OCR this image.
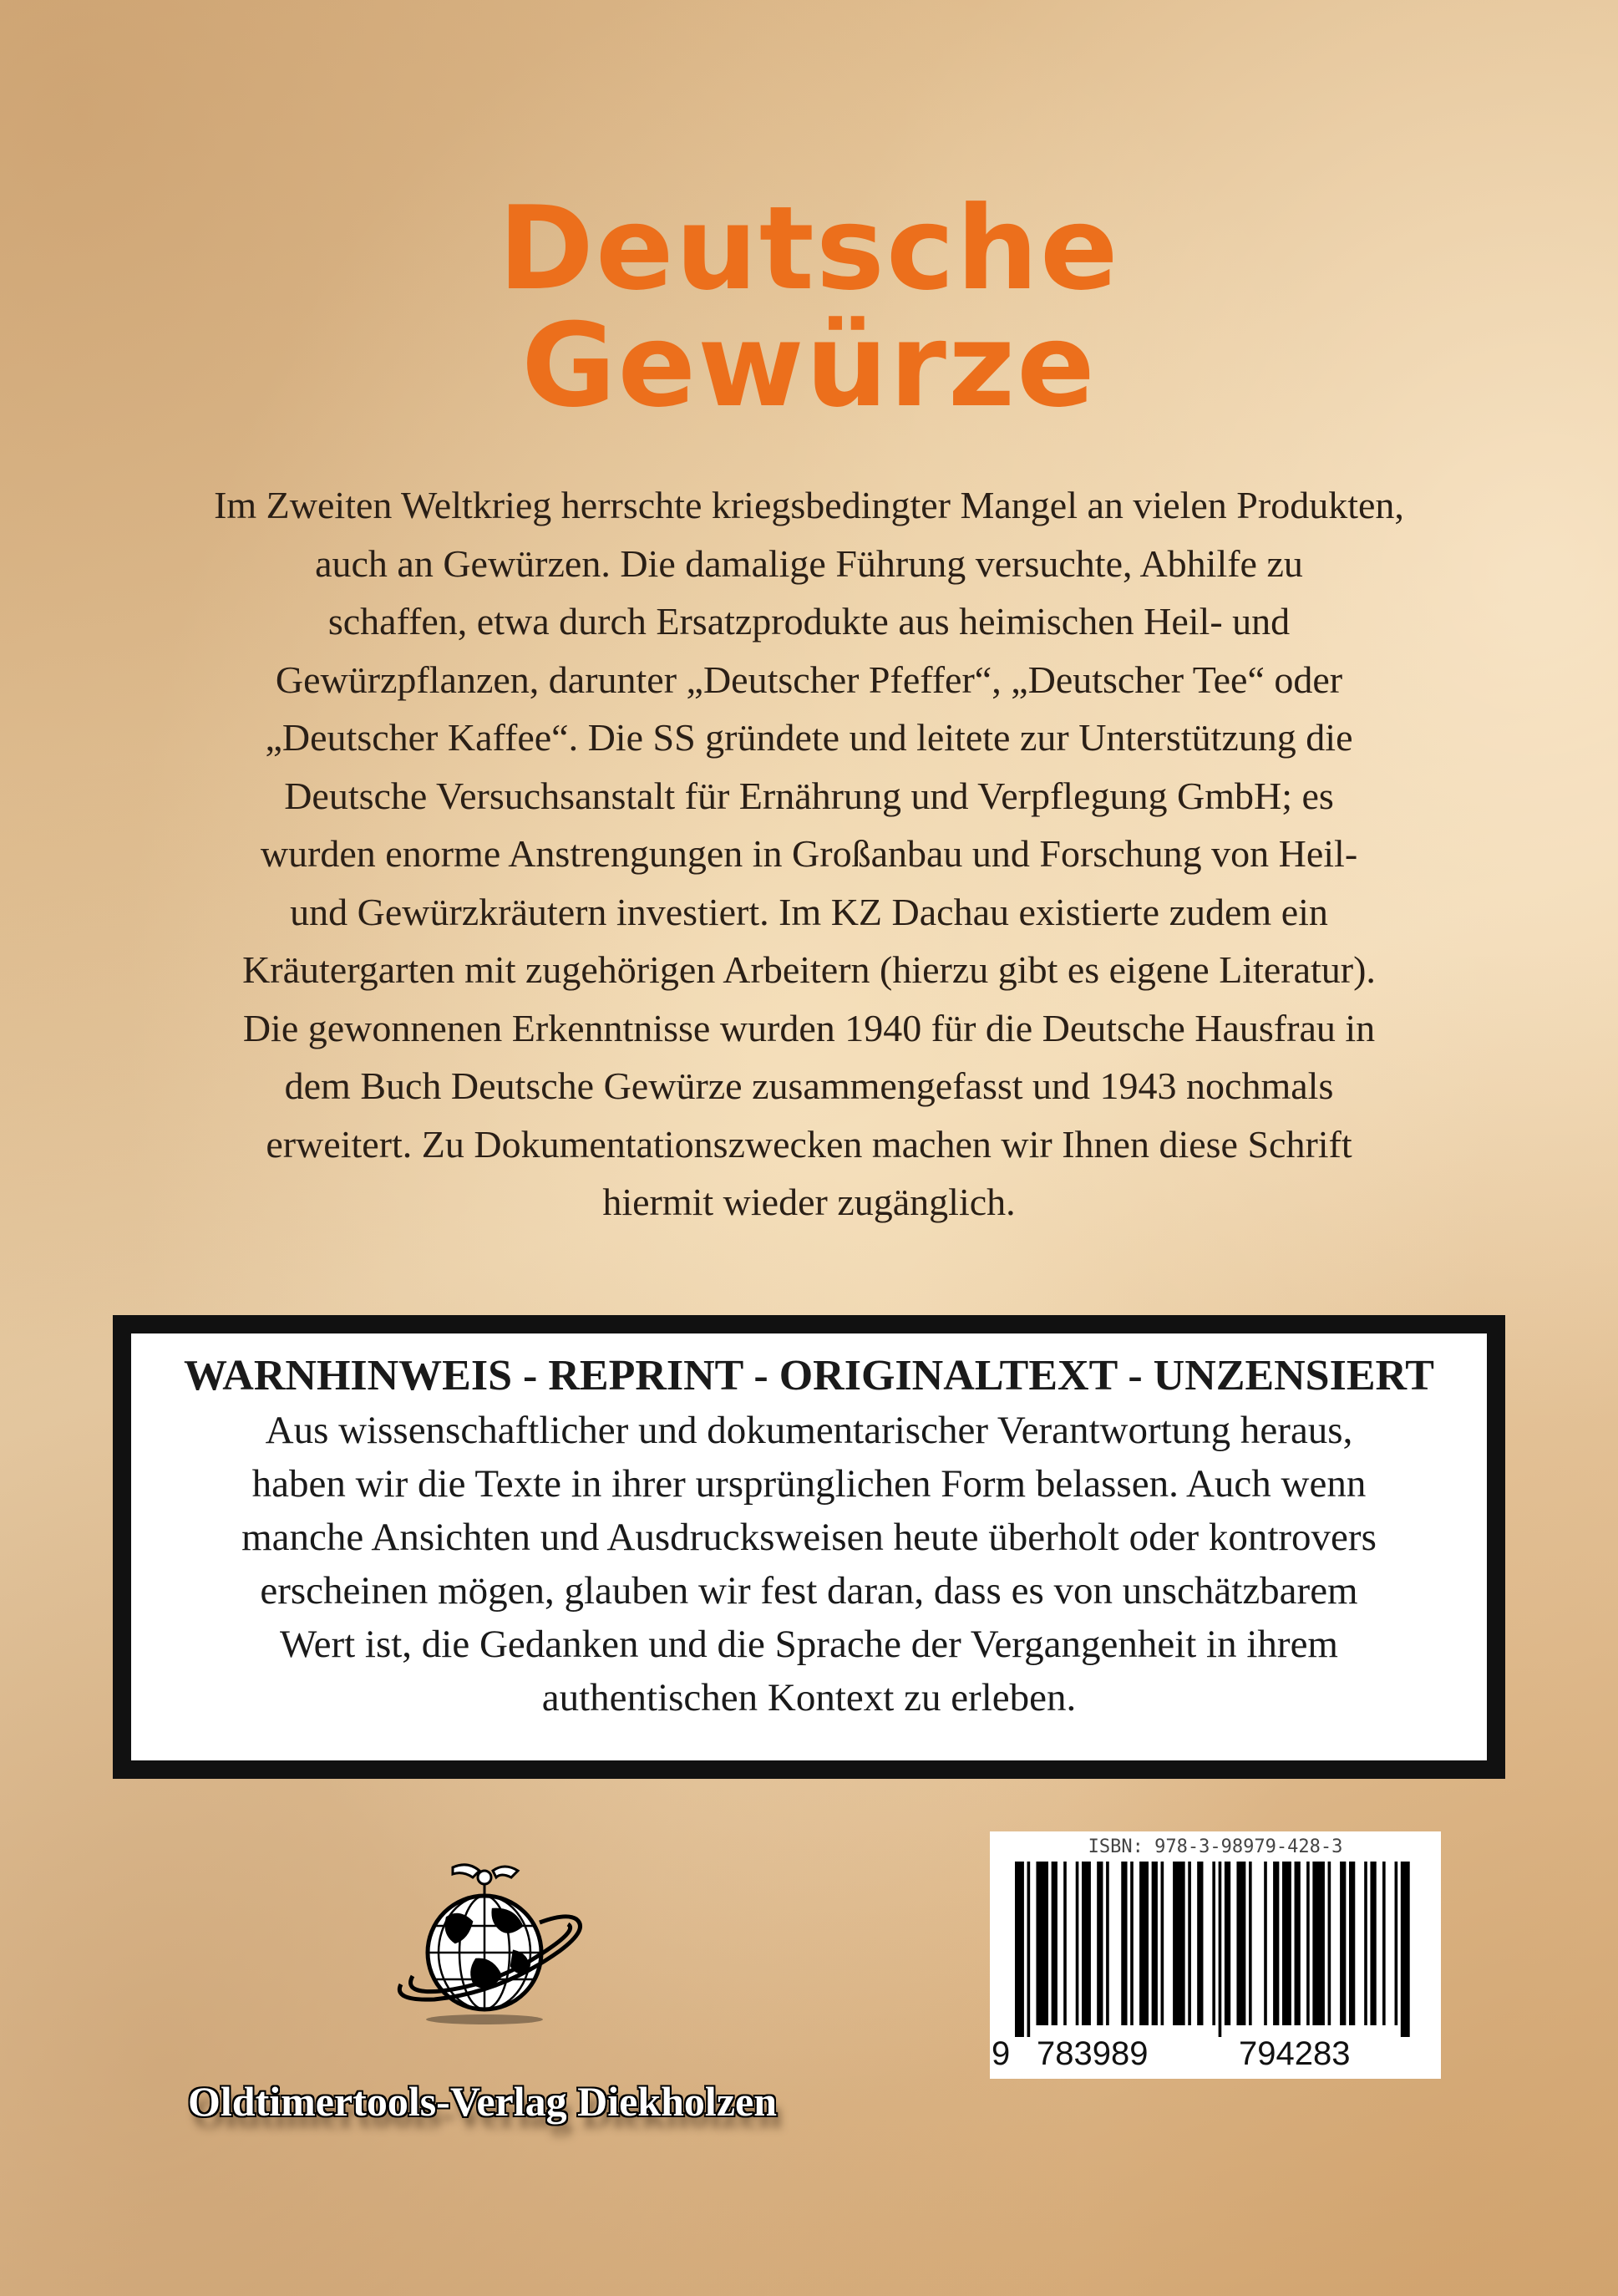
Deutsche
Gewürze
Im Zweiten Weltkrieg herrschte kriegsbedingter Mangel an vielen Produkten,
auch an Gewürzen. Die damalige Führung versuchte, Abhilfe zu
schaffen, etwa durch Ersatzprodukte aus heimischen Heil- und
Gewürzpflanzen, darunter „Deutscher Pfeffer“, „Deutscher Tee“ oder
„Deutscher Kaffee“. Die SS gründete und leitete zur Unterstützung die
Deutsche Versuchsanstalt für Ernährung und Verpflegung GmbH; es
wurden enorme Anstrengungen in Großanbau und Forschung von Heil-
und Gewürzkräutern investiert. Im KZ Dachau existierte zudem ein
Kräutergarten mit zugehörigen Arbeitern (hierzu gibt es eigene Literatur).
Die gewonnenen Erkenntnisse wurden 1940 für die Deutsche Hausfrau in
dem Buch Deutsche Gewürze zusammengefasst und 1943 nochmals
erweitert. Zu Dokumentationszwecken machen wir Ihnen diese Schrift
hiermit wieder zugänglich.
WARNHINWEIS - REPRINT - ORIGINALTEXT - UNZENSIERT
Aus wissenschaftlicher und dokumentarischer Verantwortung heraus,
haben wir die Texte in ihrer ursprünglichen Form belassen. Auch wenn
manche Ansichten und Ausdrucksweisen heute überholt oder kontrovers
erscheinen mögen, glauben wir fest daran, dass es von unschätzbarem
Wert ist, die Gedanken und die Sprache der Vergangenheit in ihrem
authentischen Kontext zu erleben.
Oldtimertools-Verlag Diekholzen
ISBN: 978-3-98979-428-3
9 783989	794283
